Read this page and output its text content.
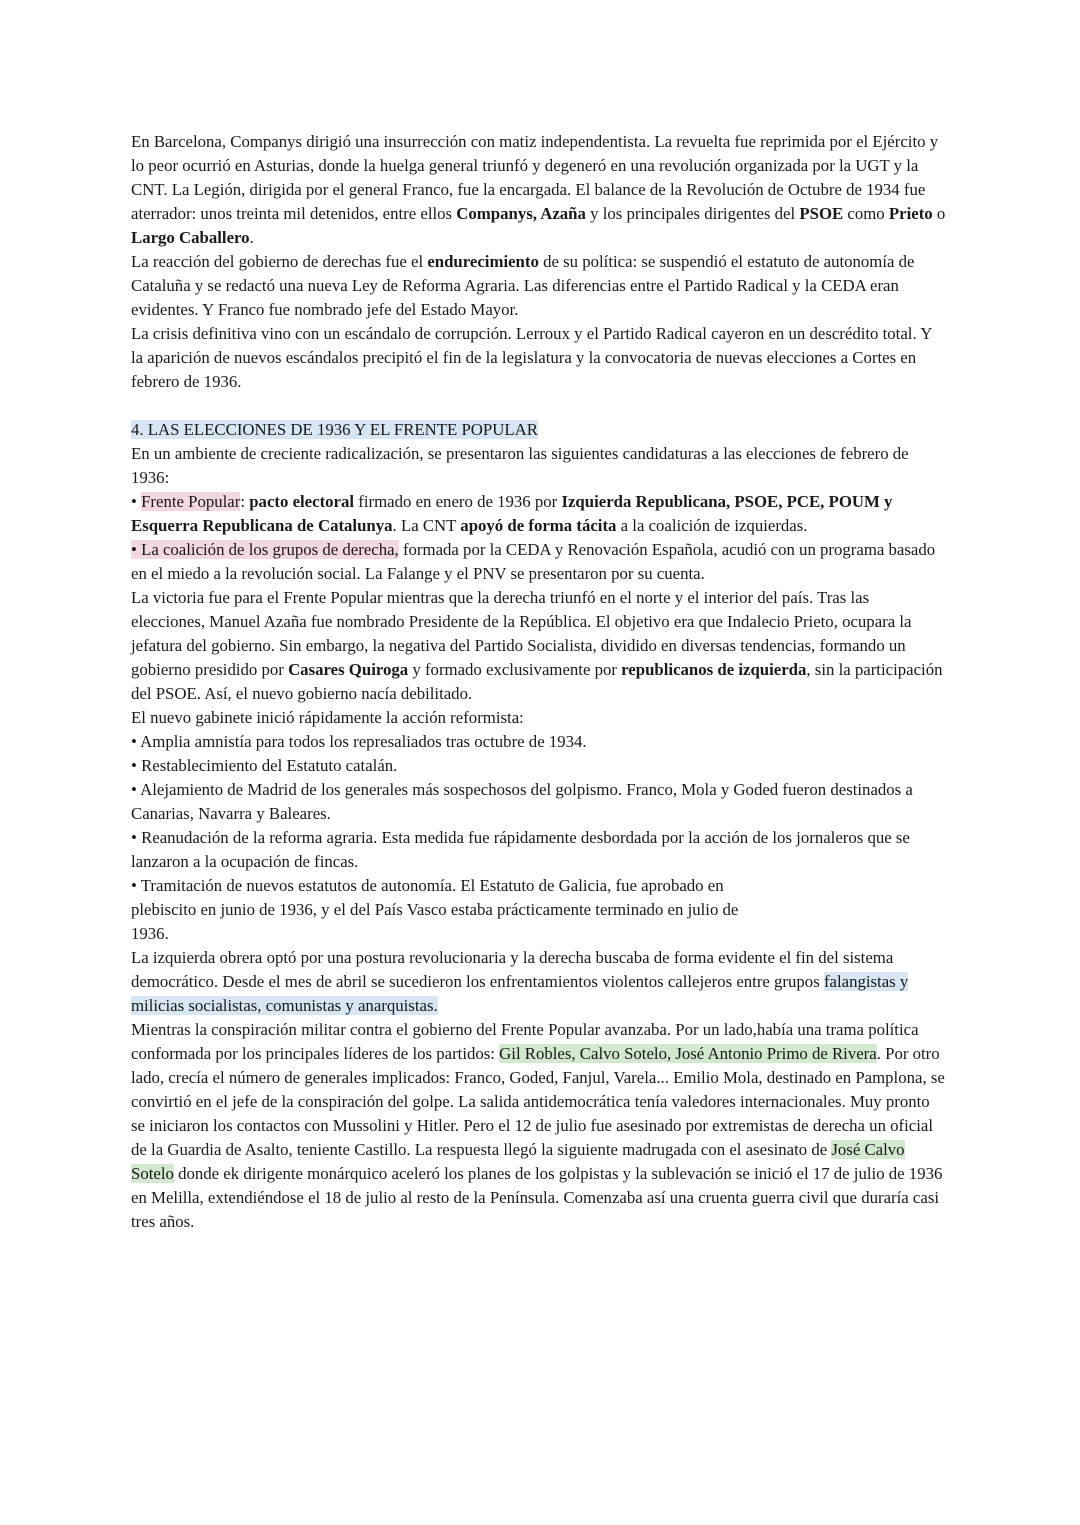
En Barcelona, Companys dirigió una insurrección con matiz independentista. La revuelta fue reprimida por el Ejército y lo peor ocurrió en Asturias, donde la huelga general triunfó y degeneró en una revolución organizada por la UGT y la CNT. La Legión, dirigida por el general Franco, fue la encargada. El balance de la Revolución de Octubre de 1934 fue aterrador: unos treinta mil detenidos, entre ellos Companys, Azaña y los principales dirigentes del PSOE como Prieto o Largo Caballero.

La reacción del gobierno de derechas fue el endurecimiento de su política: se suspendió el estatuto de autonomía de Cataluña y se redactó una nueva Ley de Reforma Agraria. Las diferencias entre el Partido Radical y la CEDA eran evidentes. Y Franco fue nombrado jefe del Estado Mayor.

La crisis definitiva vino con un escándalo de corrupción. Lerroux y el Partido Radical cayeron en un descrédito total. Y la aparición de nuevos escándalos precipitó el fin de la legislatura y la convocatoria de nuevas elecciones a Cortes en febrero de 1936.

4. LAS ELECCIONES DE 1936 Y EL FRENTE POPULAR

En un ambiente de creciente radicalización, se presentaron las siguientes candidaturas a las elecciones de febrero de 1936:

• Frente Popular: pacto electoral firmado en enero de 1936 por Izquierda Republicana, PSOE, PCE, POUM y Esquerra Republicana de Catalunya. La CNT apoyó de forma tácita a la coalición de izquierdas.

• La coalición de los grupos de derecha, formada por la CEDA y Renovación Española, acudió con un programa basado en el miedo a la revolución social. La Falange y el PNV se presentaron por su cuenta.

La victoria fue para el Frente Popular mientras que la derecha triunfó en el norte y el interior del país. Tras las elecciones, Manuel Azaña fue nombrado Presidente de la República. El objetivo era que Indalecio Prieto, ocupara la jefatura del gobierno. Sin embargo, la negativa del Partido Socialista, dividido en diversas tendencias, formando un gobierno presidido por Casares Quiroga y formado exclusivamente por republicanos de izquierda, sin la participación del PSOE. Así, el nuevo gobierno nacía debilitado.

El nuevo gabinete inició rápidamente la acción reformista:

• Amplia amnistía para todos los represaliados tras octubre de 1934.

• Restablecimiento del Estatuto catalán.

• Alejamiento de Madrid de los generales más sospechosos del golpismo. Franco, Mola y Goded fueron destinados a Canarias, Navarra y Baleares.

• Reanudación de la reforma agraria. Esta medida fue rápidamente desbordada por la acción de los jornaleros que se lanzaron a la ocupación de fincas.

• Tramitación de nuevos estatutos de autonomía. El Estatuto de Galicia, fue aprobado en
plebiscito en junio de 1936, y el del País Vasco estaba prácticamente terminado en julio de
1936.

La izquierda obrera optó por una postura revolucionaria y la derecha buscaba de forma evidente el fin del sistema democrático. Desde el mes de abril se sucedieron los enfrentamientos violentos callejeros entre grupos falangistas y milicias socialistas, comunistas y anarquistas.

Mientras la conspiración militar contra el gobierno del Frente Popular avanzaba. Por un lado,había una trama política conformada por los principales líderes de los partidos: Gil Robles, Calvo Sotelo, José Antonio Primo de Rivera. Por otro lado, crecía el número de generales implicados: Franco, Goded, Fanjul, Varela... Emilio Mola, destinado en Pamplona, se convirtió en el jefe de la conspiración del golpe. La salida antidemocrática tenía valedores internacionales. Muy pronto se iniciaron los contactos con Mussolini y Hitler. Pero el 12 de julio fue asesinado por extremistas de derecha un oficial de la Guardia de Asalto, teniente Castillo. La respuesta llegó la siguiente madrugada con el asesinato de José Calvo Sotelo donde ek dirigente monárquico aceleró los planes de los golpistas y la sublevación se inició el 17 de julio de 1936 en Melilla, extendiéndose el 18 de julio al resto de la Península. Comenzaba así una cruenta guerra civil que duraría casi tres años.
